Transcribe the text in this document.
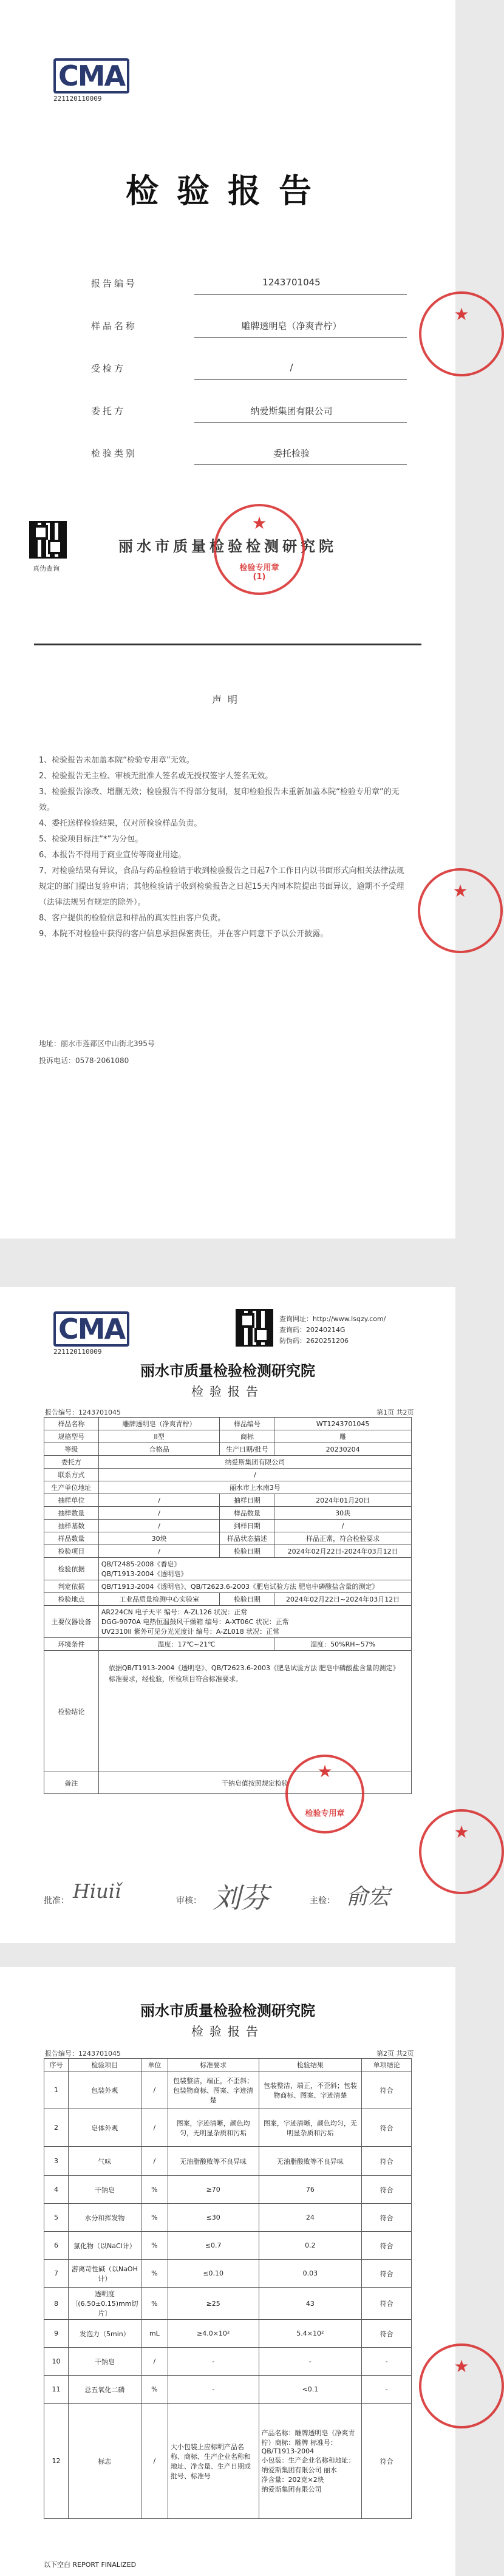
CMA
221120110009
★
检验报告
报告编号	1243701045
样品名称	雕牌透明皂（净爽青柠）
受检方	/
委托方	纳爱斯集团有限公司
检验类别	委托检验
真伪查询
丽水市质量检验检测研究院
★
检验专用章
(1)
声明

1、检验报告未加盖本院“检验专用章”无效。

2、检验报告无主检、审核无批准人签名或无授权签字人签名无效。

3、检验报告涂改、增删无效；检验报告不得部分复制，复印检验报告未重新加盖本院“检验专用章”的无效。

4、委托送样检验结果，仅对所检验样品负责。

5、检验项目标注“*”为分包。

6、本报告不得用于商业宣传等商业用途。

7、对检验结果有异议，食品与药品检验请于收到检验报告之日起7个工作日内以书面形式向相关法律法规规定的部门提出复验申请；其他检验请于收到检验报告之日起15天内同本院提出书面异议，逾期不予受理（法律法规另有规定的除外）。

8、客户提供的检验信息和样品的真实性由客户负责。

9、本院不对检验中获得的客户信息承担保密责任，并在客户同意下予以公开披露。

★
地址：丽水市莲都区中山街北395号
投诉电话：0578-2061080
CMA
221120110009
查询网址：http://www.lsqzy.com/
查询码：20240214G
防伪码：2620251206
丽水市质量检验检测研究院
检验报告
报告编号：1243701045	第1页 共2页
样品名称	雕牌透明皂（净爽青柠）	样品编号	WT1243701045
规格型号	II型	商标	雕
等级	合格品	生产日期/批号	20230204
委托方	纳爱斯集团有限公司		
联系方式	/		
生产单位地址	丽水市上水南3号		
抽样单位	/	抽样日期	2024年01月20日
抽样数量	/	样品数量	30块
抽样基数	/	到样日期	/
样品数量	30块	样品状态描述	样品正常，符合检验要求
检验项目	/	检验日期	2024年02月22日-2024年03月12日
检验依据	QB/T2485-2008《香皂》
QB/T1913-2004《透明皂》		
判定依据	QB/T1913-2004《透明皂》、QB/T2623.6-2003《肥皂试验方法 肥皂中磷酸盐含量的测定》		
检验地点	工业品质量检测中心实验室	检验日期	2024年02月22日~2024年03月12日
主要仪器设备	AR224CN 电子天平 编号：A-ZL126 状况：正常
DGG-9070A 电热恒温鼓风干燥箱 编号：A-XT06C 状况：正常
UV2310II 紫外可见分光光度计 编号：A-ZL018 状况：正常		
环境条件	温度：17℃~21℃		湿度：50%RH~57%
检验结论	依据QB/T1913-2004《透明皂》、QB/T2623.6-2003《肥皂试验方法 肥皂中磷酸盐含量的测定》标准要求，经检验，所检项目符合标准要求。		
备注	干钠皂值按照规定检验		
★
检验专用章
★
批准： Hiuiǐ	审核： 刘芬	主检： 俞宏
丽水市质量检验检测研究院
检验报告
报告编号：1243701045	第2页 共2页
序号	检验项目	单位	标准要求	检验结果	单项结论
1	包装外观	/	包装整洁，端正，不歪斜；包装物商标、图案、字迹清楚	包装整洁，端正，不歪斜；包装物商标、图案、字迹清楚	符合
2	皂体外观	/	图案，字迹清晰，颜色均匀，无明显杂质和污垢	图案，字迹清晰，颜色均匀，无明显杂质和污垢	符合
3	气味	/	无油脂酸败等不良异味	无油脂酸败等不良异味	符合
4	干钠皂	%	≥70	76	符合
5	水分和挥发物	%	≤30	24	符合
6	氯化物（以NaCl计）	%	≤0.7	0.2	符合
7	游离苛性碱（以NaOH计）	%	≤0.10	0.03	符合
8	透明度〔(6.50±0.15)mm切片〕	%	≥25	43	符合
9	发泡力（5min）	mL	≥4.0×10²	5.4×10²	符合
10	干钠皂	/	-	-	-
11	总五氧化二磷	%	-	<0.1	-
12	标志	/	大小包装上应标明产品名称、商标、生产企业名称和地址、净含量、生产日期或批号、标准号	产品名称：雕牌透明皂（净爽青柠）商标：雕牌 标准号：QB/T1913-2004
小包装：生产企业名称和地址：纳爱斯集团有限公司 丽水
净含量：202克×2块
纳爱斯集团有限公司	符合
★
以下空白 REPORT FINALIZED
